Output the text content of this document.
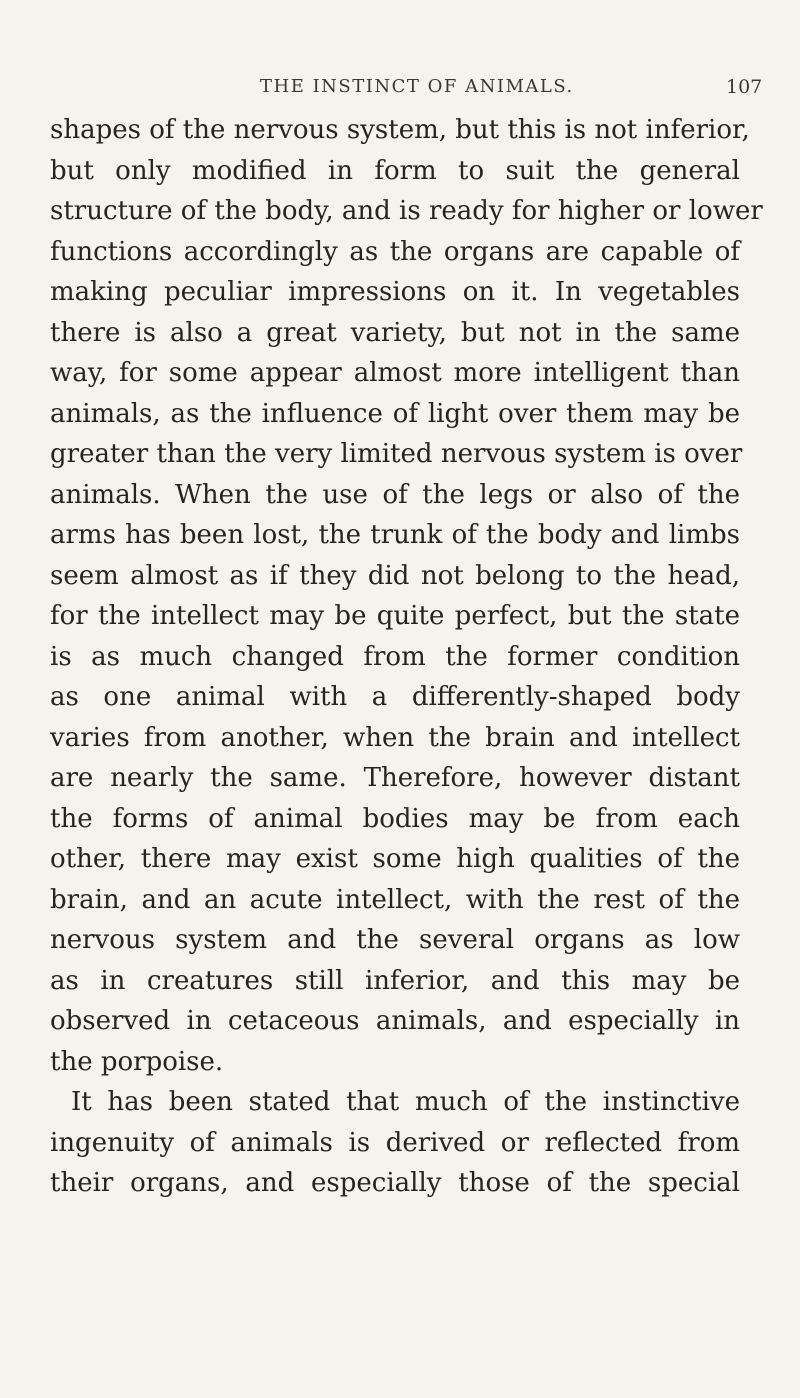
THE INSTINCT OF ANIMALS.	107
shapes of the nervous system, but this is not inferior,
but only modified in form to suit the general
structure of the body, and is ready for higher or lower
functions accordingly as the organs are capable of
making peculiar impressions on it. In vegetables
there is also a great variety, but not in the same
way, for some appear almost more intelligent than
animals, as the influence of light over them may be
greater than the very limited nervous system is over
animals. When the use of the legs or also of the
arms has been lost, the trunk of the body and limbs
seem almost as if they did not belong to the head,
for the intellect may be quite perfect, but the state
is as much changed from the former condition
as one animal with a differently-shaped body
varies from another, when the brain and intellect
are nearly the same. Therefore, however distant
the forms of animal bodies may be from each
other, there may exist some high qualities of the
brain, and an acute intellect, with the rest of the
nervous system and the several organs as low
as in creatures still inferior, and this may be
observed in cetaceous animals, and especially in
the porpoise.
It has been stated that much of the instinctive
ingenuity of animals is derived or reflected from
their organs, and especially those of the special
